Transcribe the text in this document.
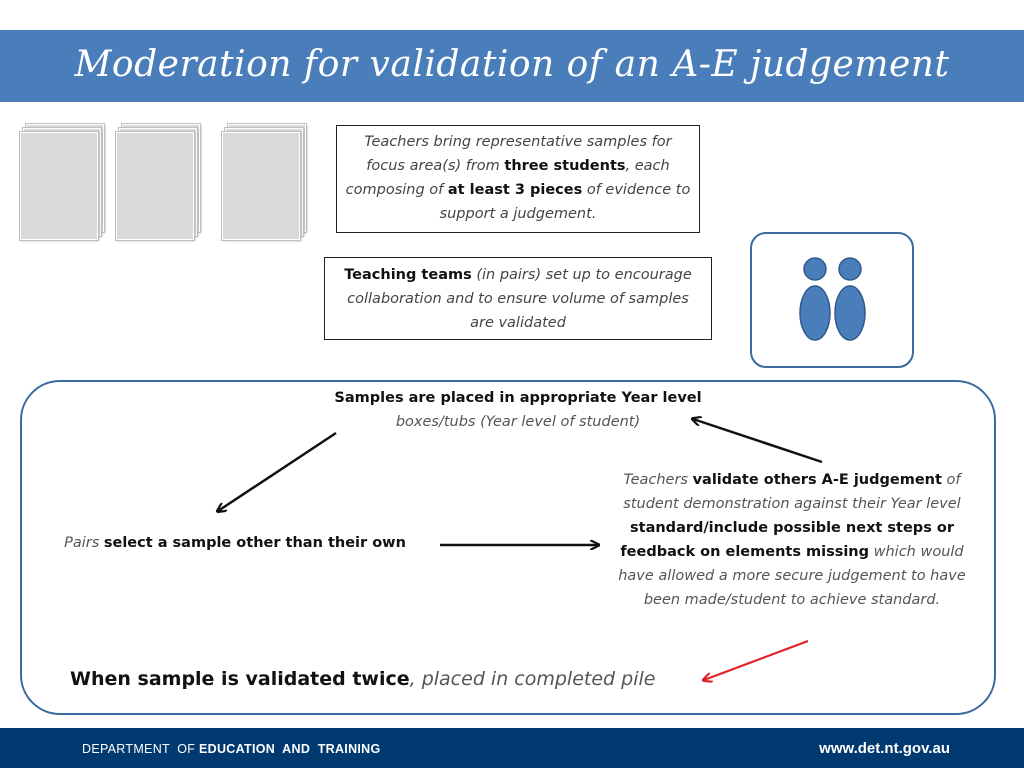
Moderation for validation of an A-E judgement
Teachers bring representative samples for focus area(s) from three students, each composing of at least 3 pieces of evidence to support a judgement.
Teaching teams (in pairs) set up to encourage collaboration and to ensure volume of samples are validated
Samples are placed in appropriate Year level
boxes/tubs (Year level of student)
Pairs select a sample other than their own
Teachers validate others A-E judgement of student demonstration against their Year level standard/include possible next steps or feedback on elements missing which would have allowed a more secure judgement to have been made/student to achieve standard.
When sample is validated twice, placed in completed pile
DEPARTMENT  OF EDUCATION  AND  TRAINING	www.det.nt.gov.au
